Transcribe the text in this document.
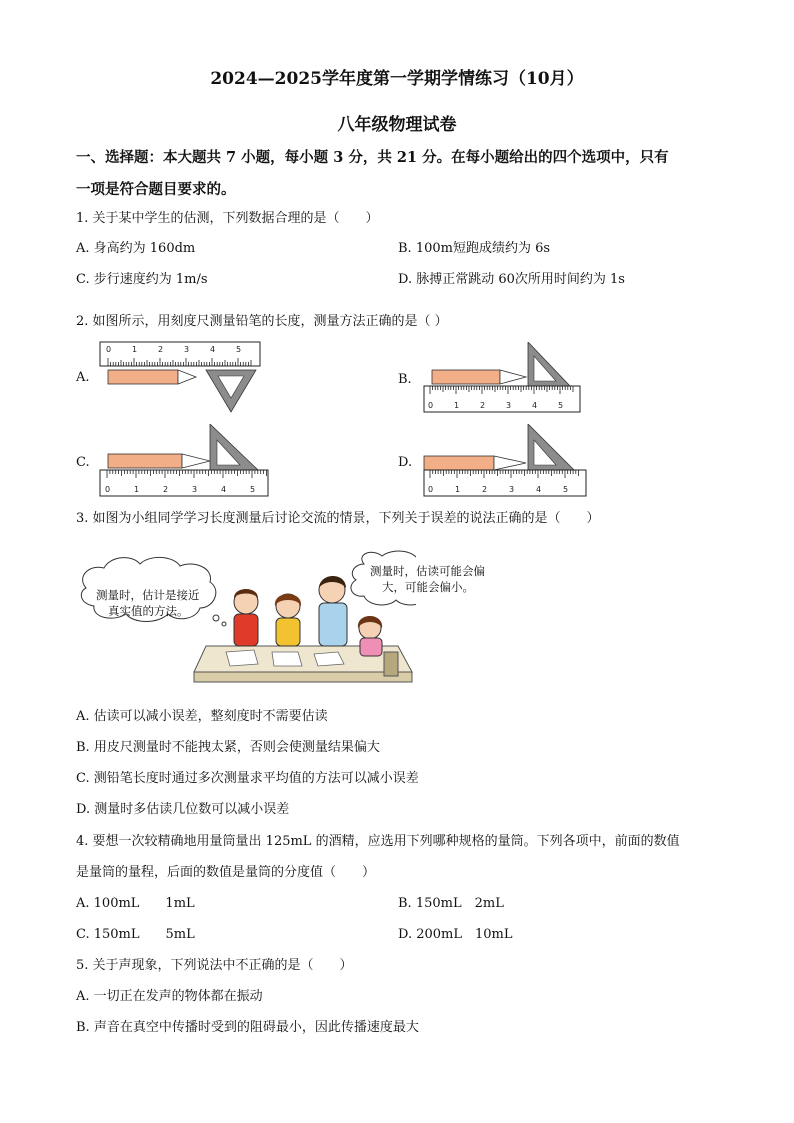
2024—2025学年度第一学期学情练习（10月）
八年级物理试卷
一、选择题：本大题共 7 小题，每小题 3 分，共 21 分。在每小题给出的四个选项中，只有
一项是符合题目要求的。
1. 关于某中学生的估测，下列数据合理的是（　　）
A. 身高约为 160dm	B. 100m短跑成绩约为 6s
C. 步行速度约为 1m/s	D. 脉搏正常跳动 60次所用时间约为 1s
2. 如图所示，用刻度尺测量铅笔的长度，测量方法正确的是（ ）
A.
0	1	2	3	4	5
B.
0	1	2	3	4	5
C.
0	1	2	3	4	5
D.
0	1	2	3	4	5
3. 如图为小组同学学习长度测量后讨论交流的情景，下列关于误差的说法正确的是（　　）
测量时，估计是接近
真实值的方法。
测量时，估读可能会偏
大，可能会偏小。
A. 估读可以减小误差，整刻度时不需要估读
B. 用皮尺测量时不能拽太紧，否则会使测量结果偏大
C. 测铅笔长度时通过多次测量求平均值的方法可以减小误差
D. 测量时多估读几位数可以减小误差
4. 要想一次较精确地用量筒量出 125mL 的酒精，应选用下列哪种规格的量筒。下列各项中，前面的数值
是量筒的量程，后面的数值是量筒的分度值（　　）
A. 100mL　　1mL	B. 150mL　2mL
C. 150mL　　5mL	D. 200mL　10mL
5. 关于声现象，下列说法中不正确的是（　　）
A. 一切正在发声的物体都在振动
B. 声音在真空中传播时受到的阻碍最小，因此传播速度最大
